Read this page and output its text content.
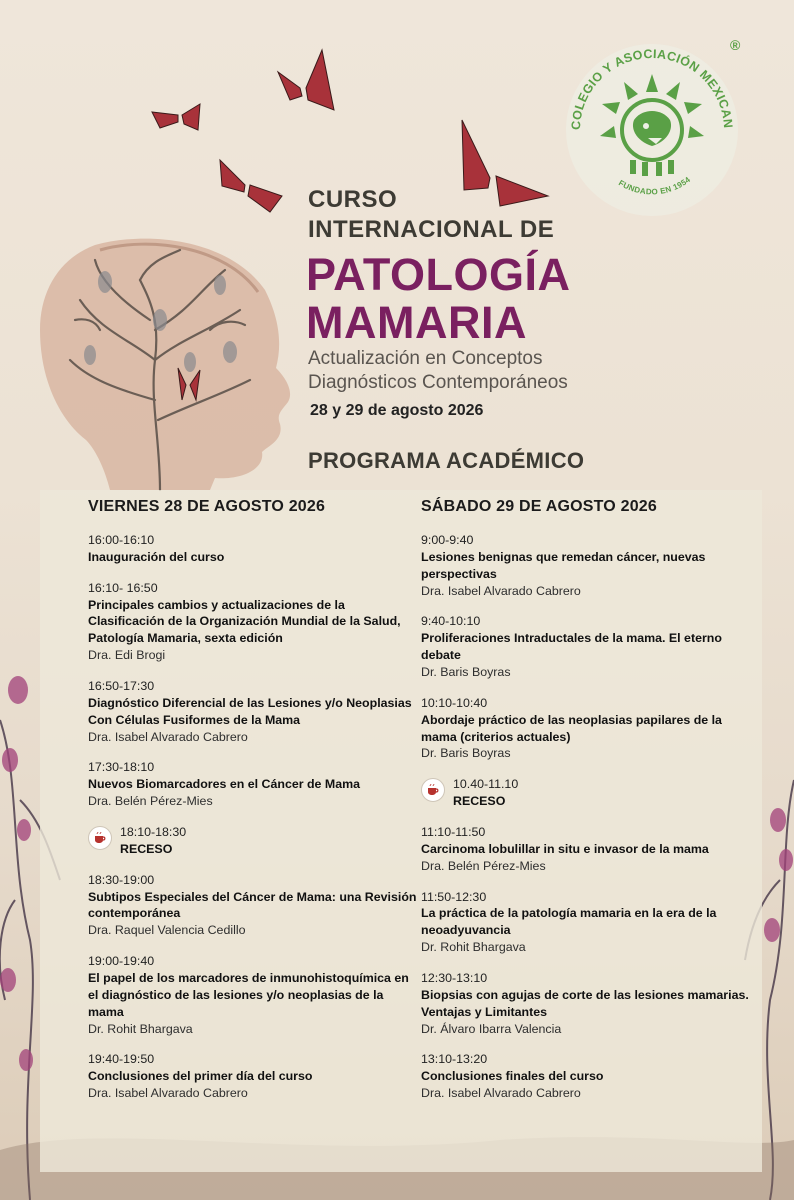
COLEGIO Y ASOCIACIÓN MEXICAN
FUNDADO EN 1954
®
CURSO
INTERNACIONAL DE
PATOLOGÍA
MAMARIA
Actualización en Conceptos
Diagnósticos Contemporáneos
28 y 29 de agosto 2026
PROGRAMA ACADÉMICO
VIERNES 28 DE AGOSTO 2026
16:00-16:10
Inauguración del curso
16:10- 16:50
Principales cambios y actualizaciones de la Clasificación de la Organización Mundial de la Salud, Patología Mamaria, sexta edición
Dra. Edi Brogi
16:50-17:30
Diagnóstico Diferencial de las Lesiones y/o Neoplasias Con Células Fusiformes de la Mama
Dra. Isabel Alvarado Cabrero
17:30-18:10
Nuevos Biomarcadores en el Cáncer de Mama
Dra. Belén Pérez-Mies
18:10-18:30
RECESO
18:30-19:00
Subtipos Especiales del Cáncer de Mama: una Revisión contemporánea
Dra. Raquel Valencia Cedillo
19:00-19:40
El papel de los marcadores de inmunohistoquímica en el diagnóstico de las lesiones y/o neoplasias de la mama
Dr. Rohit Bhargava
19:40-19:50
Conclusiones del primer día del curso
Dra. Isabel Alvarado Cabrero
SÁBADO 29 DE AGOSTO 2026
9:00-9:40
Lesiones benignas que remedan cáncer, nuevas perspectivas
Dra. Isabel Alvarado Cabrero
9:40-10:10
Proliferaciones Intraductales de la mama. El eterno debate
Dr. Baris Boyras
10:10-10:40
Abordaje práctico de las neoplasias papilares de la mama (criterios actuales)
Dr. Baris Boyras
10.40-11.10
RECESO
11:10-11:50
Carcinoma lobulillar in situ e invasor de la mama
Dra. Belén Pérez-Mies
11:50-12:30
La práctica de la patología mamaria en la era de la neoadyuvancia
Dr. Rohit Bhargava
12:30-13:10
Biopsias con agujas de corte de las lesiones mamarias. Ventajas y Limitantes
Dr. Álvaro Ibarra Valencia
13:10-13:20
Conclusiones finales del curso
Dra. Isabel Alvarado Cabrero
